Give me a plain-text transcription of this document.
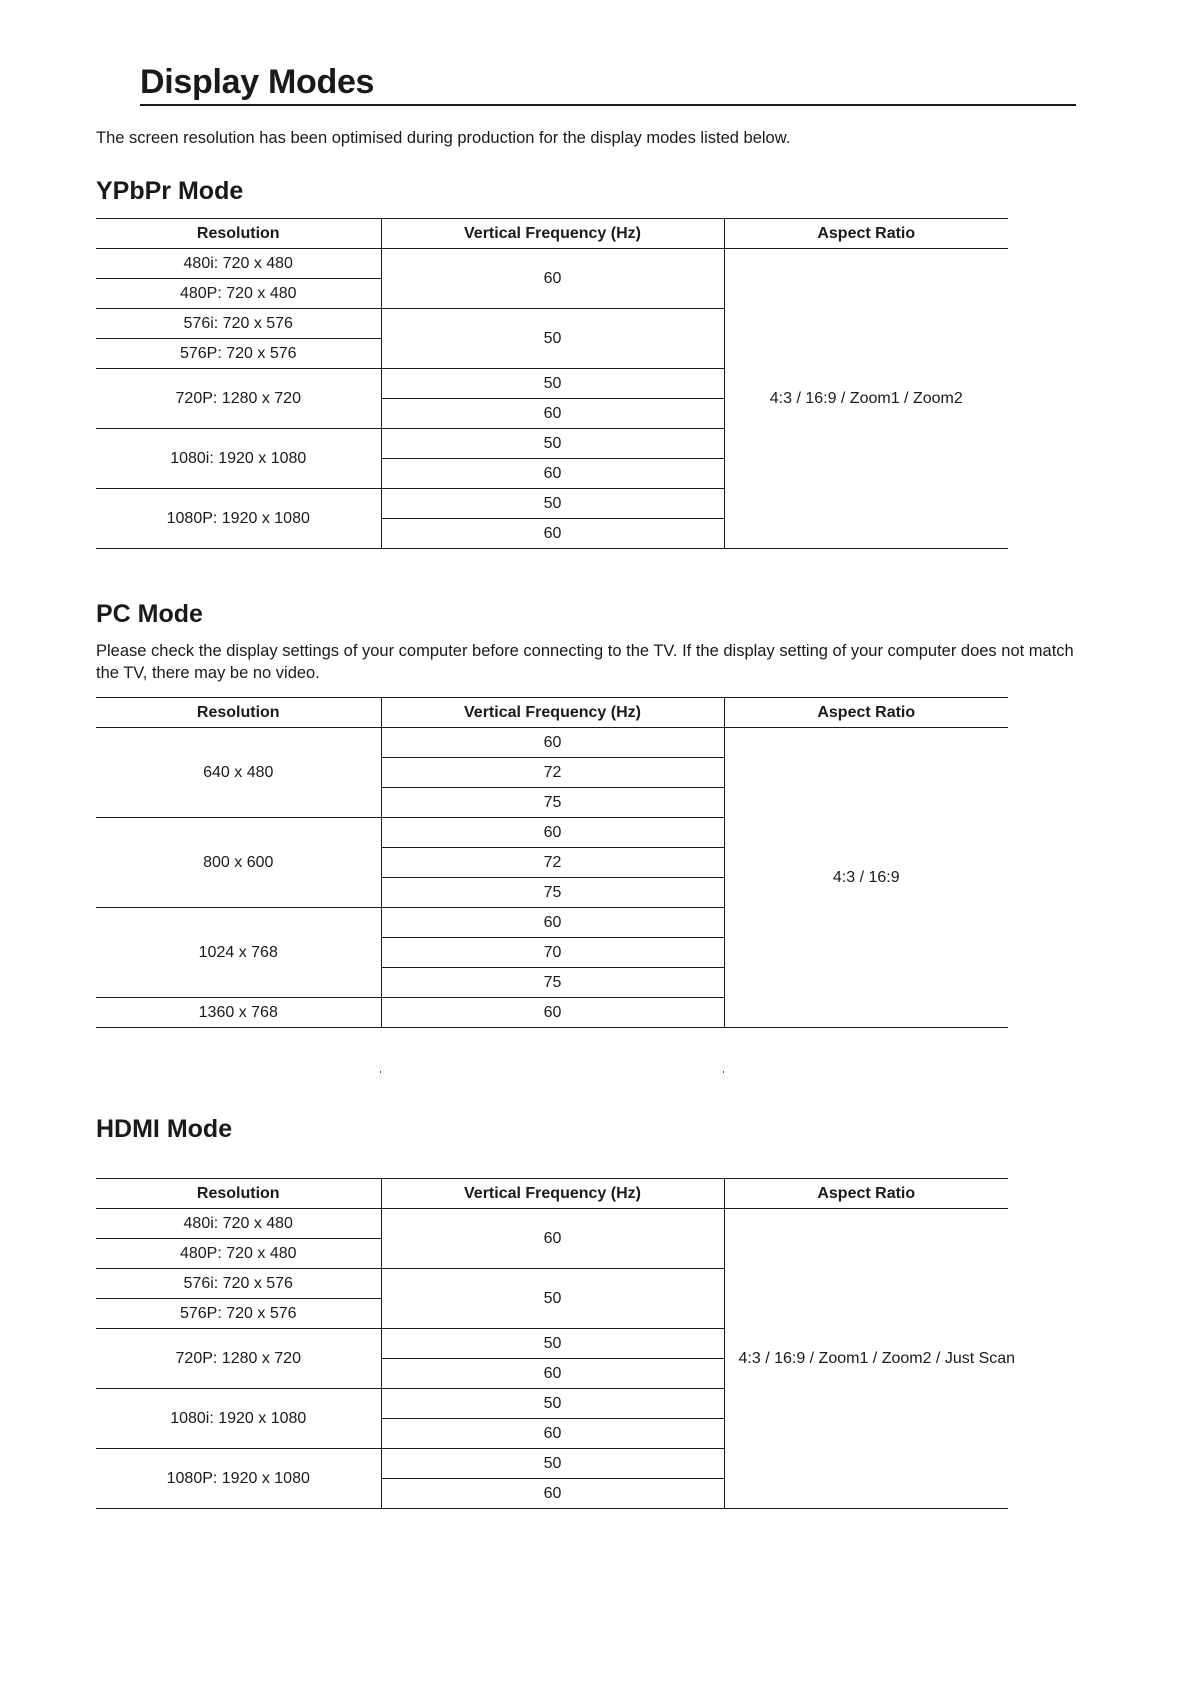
Display Modes

The screen resolution has been optimised during production for the display modes listed below.

YPbPr Mode
Resolution	Vertical Frequency (Hz)	Aspect Ratio
480i: 720 x 480	60	4:3 / 16:9 / Zoom1 / Zoom2
480P: 720 x 480		
576i: 720 x 576	50	
576P: 720 x 576		
720P: 1280 x 720	50	
	60	
1080i: 1920 x 1080	50	
	60	
1080P: 1920 x 1080	50	
	60	
PC Mode

Please check the display settings of your computer before connecting to the TV. If the display setting of your computer does not match the TV, there may be no video.

Resolution	Vertical Frequency (Hz)	Aspect Ratio
640 x 480	60	4:3 / 16:9
	72	
	75	
800 x 600	60	
	72	
	75	
1024 x 768	60	
	70	
	75	
1360 x 768	60	
HDMI Mode
Resolution	Vertical Frequency (Hz)	Aspect Ratio
480i: 720 x 480	60	4:3 / 16:9 / Zoom1 / Zoom2 / Just Scan
480P: 720 x 480		
576i: 720 x 576	50	
576P: 720 x 576		
720P: 1280 x 720	50	
	60	
1080i: 1920 x 1080	50	
	60	
1080P: 1920 x 1080	50	
	60	
